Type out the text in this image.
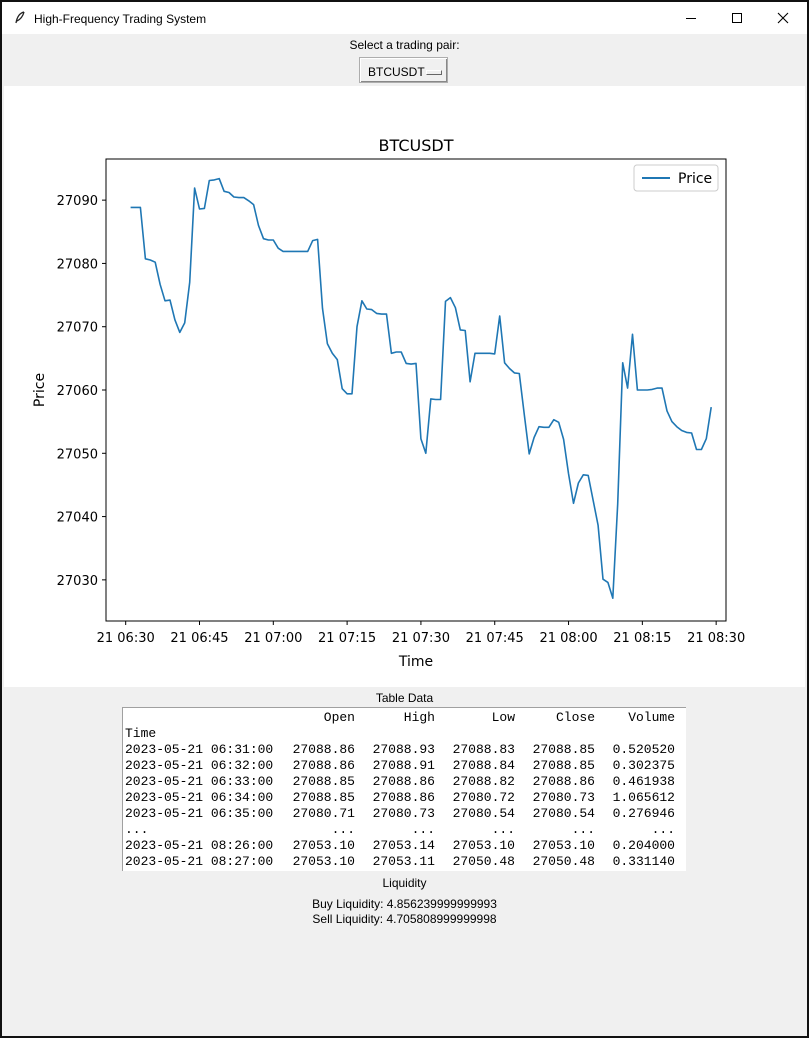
High-Frequency Trading System
Select a trading pair:
BTCUSDT
BTCUSDT
27030
27040
27050
27060
27070
27080
27090
21 06:30 21 06:45 21 07:00 21 07:15 21 07:30 21 07:45 21 08:00 21 08:15 21 08:30
Time
Price
Price
Table Data
Open	High	Low	Close	Volume
Time
2023-05-21 06:31:00 27088.86 27088.93 27088.83 27088.85 0.520520
2023-05-21 06:32:00 27088.86 27088.91 27088.84 27088.85 0.302375
2023-05-21 06:33:00 27088.85 27088.86 27088.82 27088.86 0.461938
2023-05-21 06:34:00 27088.85 27088.86 27080.72 27080.73 1.065612
2023-05-21 06:35:00 27080.71 27080.73 27080.54 27080.54 0.276946
...	...	...	...	...	...
2023-05-21 08:26:00 27053.10 27053.14 27053.10 27053.10 0.204000
2023-05-21 08:27:00 27053.10 27053.11 27050.48 27050.48 0.331140
Liquidity
Buy Liquidity: 4.856239999999993
Sell Liquidity: 4.705808999999998
